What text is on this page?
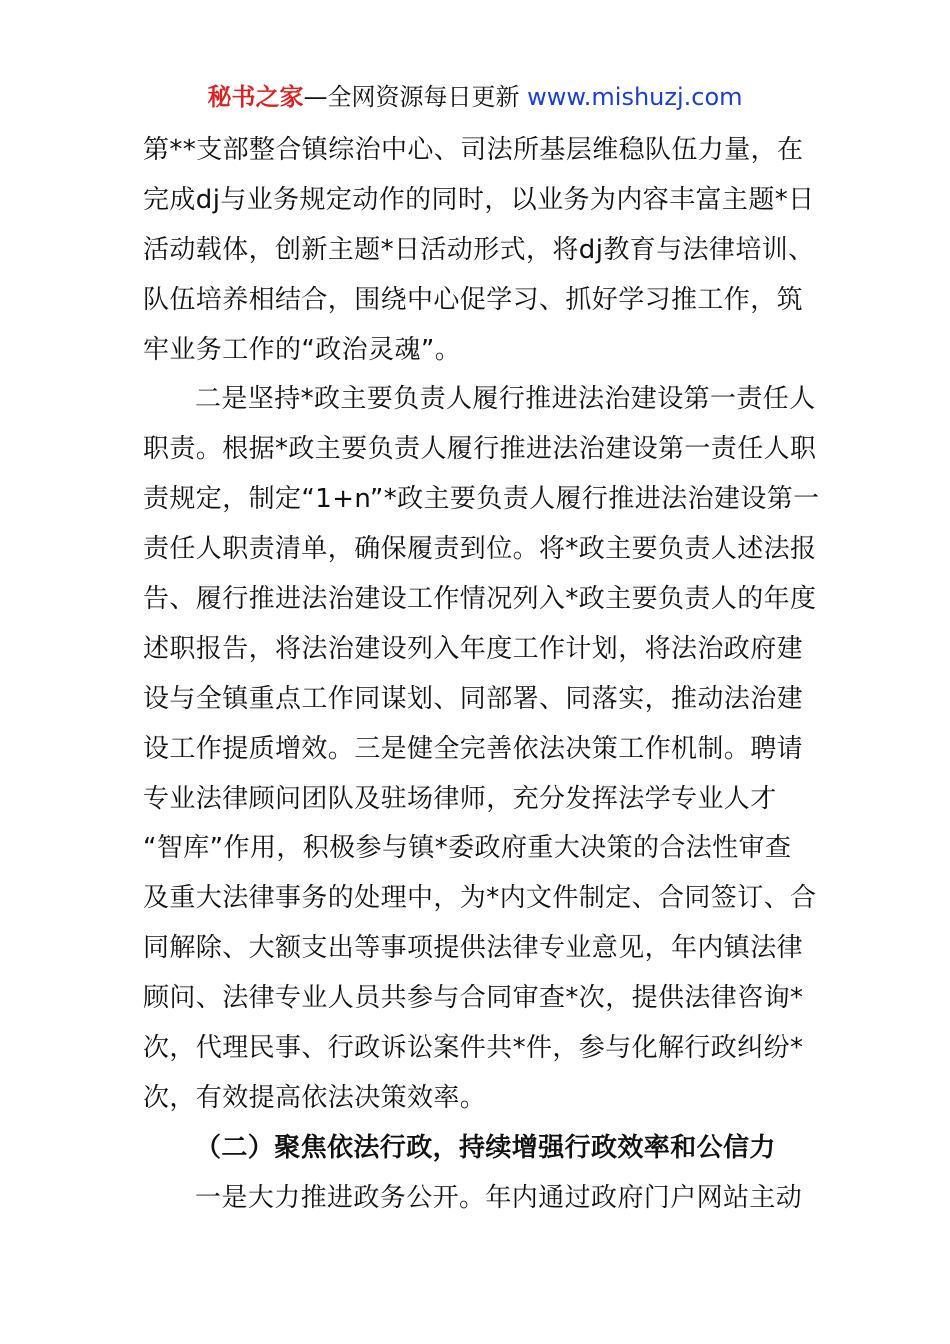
秘书之家—全网资源每日更新 www.mishuzj.com
第**支部整合镇综治中心、司法所基层维稳队伍力量，在
完成dj与业务规定动作的同时，以业务为内容丰富主题*日
活动载体，创新主题*日活动形式，将dj教育与法律培训、
队伍培养相结合，围绕中心促学习、抓好学习推工作，筑
牢业务工作的“政治灵魂”。
二是坚持*政主要负责人履行推进法治建设第一责任人
职责。根据*政主要负责人履行推进法治建设第一责任人职
责规定，制定“1+n”*政主要负责人履行推进法治建设第一
责任人职责清单，确保履责到位。将*政主要负责人述法报
告、履行推进法治建设工作情况列入*政主要负责人的年度
述职报告，将法治建设列入年度工作计划，将法治政府建
设与全镇重点工作同谋划、同部署、同落实，推动法治建
设工作提质增效。三是健全完善依法决策工作机制。聘请
专业法律顾问团队及驻场律师，充分发挥法学专业人才
“智库”作用，积极参与镇*委政府重大决策的合法性审查
及重大法律事务的处理中，为*内文件制定、合同签订、合
同解除、大额支出等事项提供法律专业意见，年内镇法律
顾问、法律专业人员共参与合同审查*次，提供法律咨询*
次，代理民事、行政诉讼案件共*件，参与化解行政纠纷*
次，有效提高依法决策效率。
（二）聚焦依法行政，持续增强行政效率和公信力
一是大力推进政务公开。年内通过政府门户网站主动
